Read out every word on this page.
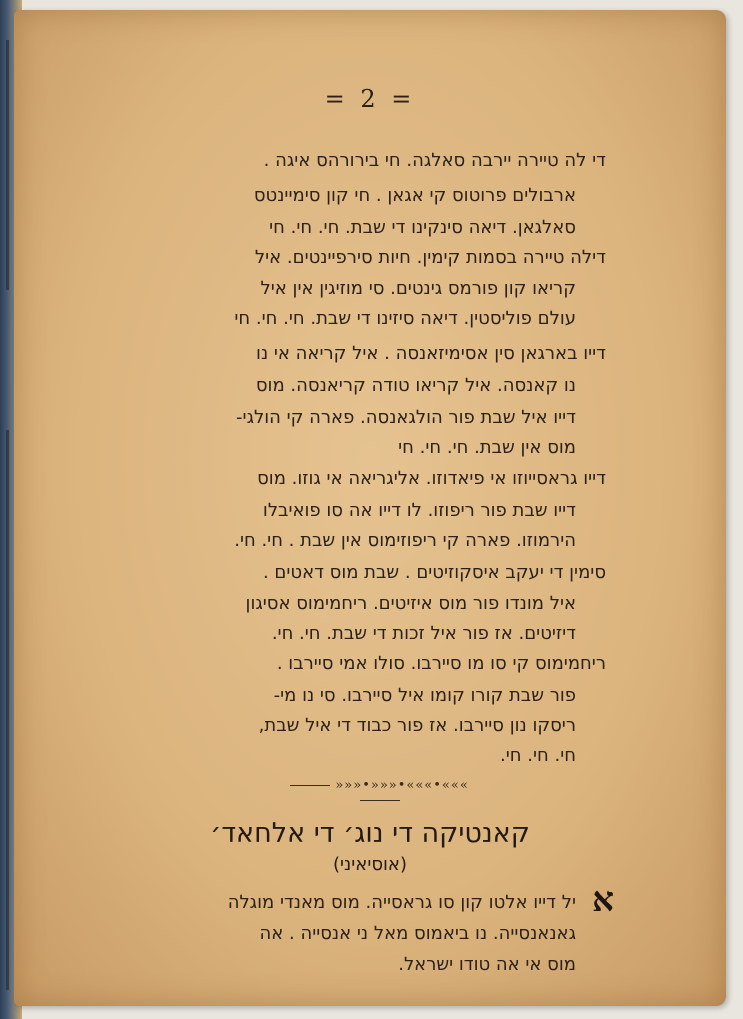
= 2 =
די לה טיירה יירבה סאלגה. חי בירורהס איגה .
ארבולים פרוטוס קי אגאן . חי קון סימיינטס
סאלגאן. דיאה סינקינו די שבת. חי. חי. חי
דילה טיירה בסמות קימין. חיות סירפיינטים. איל
קריאו קון פורמס גינטים. סי מוזיגין אין איל
עולם פוליסטין. דיאה סיזינו די שבת. חי. חי. חי
דייו בארגאן סין אסימיזאנסה . איל קריאה אי נו
נו קאנסה. איל קריאו טודה קריאנסה. מוס
דייו איל שבת פור הולגאנסה. פארה קי הולגי-
מוס אין שבת. חי. חי. חי
דייו גראסייוזו אי פיאדוזו. אליגריאה אי גוזו. מוס
דייו שבת פור ריפוזו. לו דייו אה סו פואיבלו
הירמוזו. פארה קי ריפוזימוס אין שבת . חי. חי.
סימין די יעקב איסקוזיטים . שבת מוס דאטים .
איל מונדו פור מוס איזיטים. ריחמימוס אסיגון
דיזיטים. אז פור איל זכות די שבת. חי. חי.
ריחמימוס קי סו מו סיירבו. סולו אמי סיירבו .
פור שבת קורו קומו איל סיירבו. סי נו מי-
ריסקו נון סיירבו. אז פור כבוד די איל שבת,
חי. חי. חי.
»»»•»»»•«««•«««
קאנטיקה די נוג׳ די אלחאד׳
(אוסיאיני)
א
יל דייו אלטו קון סו גראסייה. מוס מאנדי מוגלה
גאנאנסייה. נו ביאמוס מאל ני אנסייה . אה
מוס אי אה טודו ישראל.
